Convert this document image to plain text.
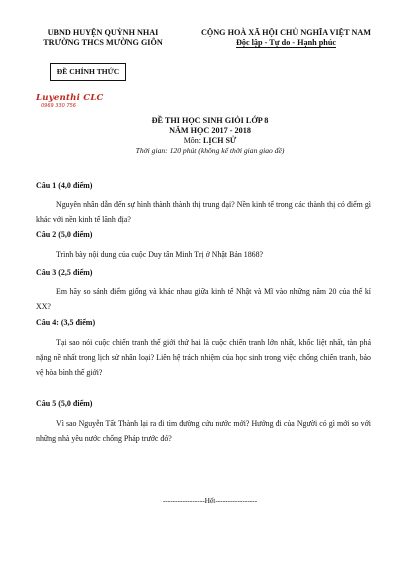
UBND HUYỆN QUỲNH NHAI
TRƯỜNG THCS MƯỜNG GIÔN
CỘNG HOÀ XÃ HỘI CHỦ NGHĨA VIỆT NAM
Độc lập - Tự do - Hạnh phúc
ĐỀ CHÍNH THỨC
Luyenthi CLC
0969 330 756
ĐỀ THI HỌC SINH GIỎI LỚP 8
NĂM HỌC 2017 - 2018
Môn: LỊCH SỬ
Thời gian: 120 phút (không kể thời gian giao đề)
Câu 1 (4,0 điểm)
Nguyên nhân dẫn đến sự hình thành thành thị trung đại? Nền kinh tế trong các thành thị có điểm gì khác với nền kinh tế lãnh địa?
Câu 2 (5,0 điểm)
Trình bày nội dung của cuộc Duy tân Minh Trị ở Nhật Bản 1868?
Câu 3 (2,5 điểm)
Em hãy so sánh điểm giống và khác nhau giữa kinh tế Nhật và Mĩ vào những năm 20 của thế kỉ XX?
Câu 4: (3,5 điểm)
Tại sao nói cuộc chiến tranh thế giới thứ hai là cuộc chiến tranh lớn nhất, khốc liệt nhất, tàn phá nặng nề nhất trong lịch sử nhân loại? Liên hệ trách nhiệm của học sinh trong việc chống chiến tranh, bảo vệ hòa bình thế giới?
Câu 5 (5,0 điểm)
Vì sao Nguyễn Tất Thành lại ra đi tìm đường cứu nước mới? Hướng đi của Người có gì mới so với những nhà yêu nước chống Pháp trước đó?
-----------------Hết-----------------
